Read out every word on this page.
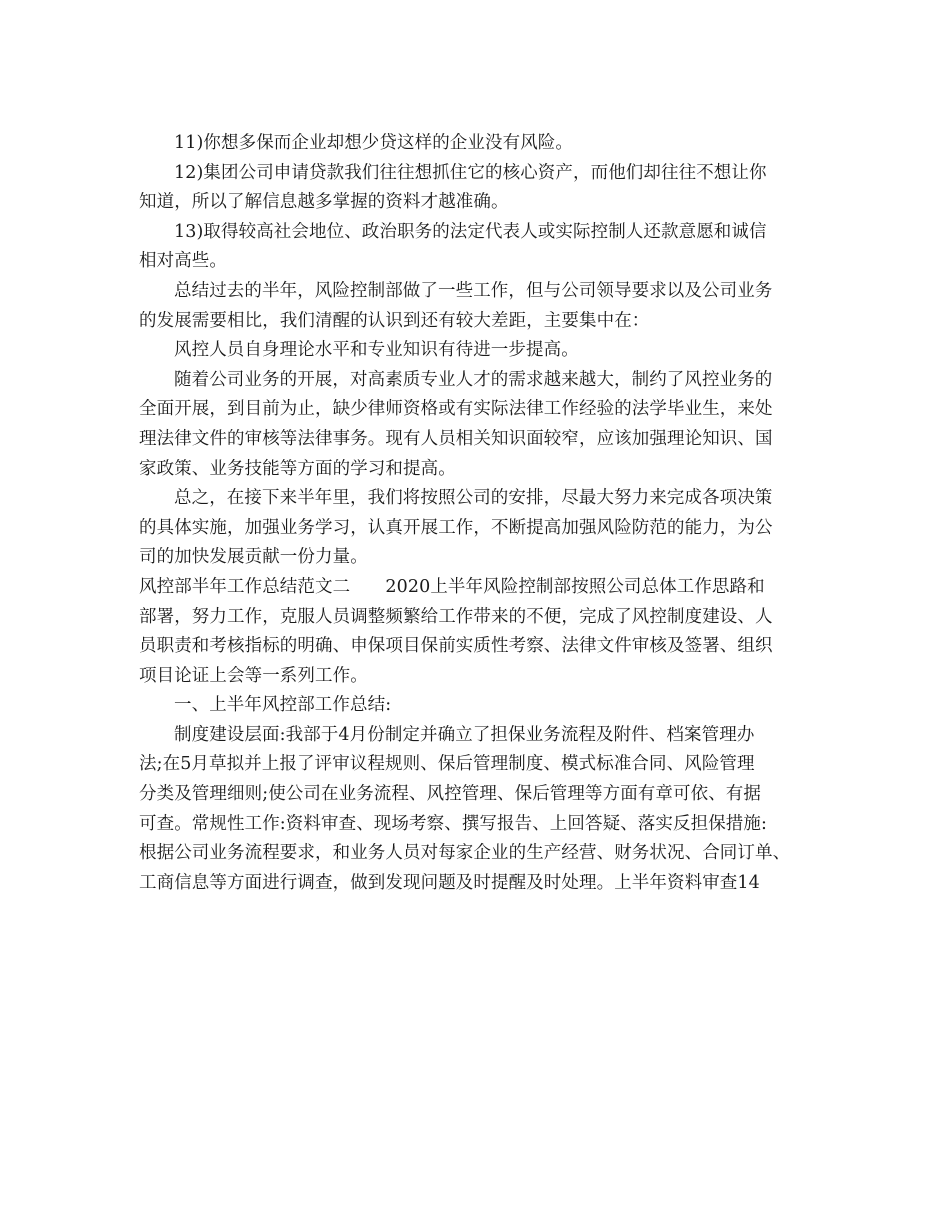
11)你想多保而企业却想少贷这样的企业没有风险。
12)集团公司申请贷款我们往往想抓住它的核心资产，而他们却往往不想让你
知道，所以了解信息越多掌握的资料才越准确。
13)取得较高社会地位、政治职务的法定代表人或实际控制人还款意愿和诚信
相对高些。
总结过去的半年，风险控制部做了一些工作，但与公司领导要求以及公司业务
的发展需要相比，我们清醒的认识到还有较大差距，主要集中在：
风控人员自身理论水平和专业知识有待进一步提高。
随着公司业务的开展，对高素质专业人才的需求越来越大，制约了风控业务的
全面开展，到目前为止，缺少律师资格或有实际法律工作经验的法学毕业生，来处
理法律文件的审核等法律事务。现有人员相关知识面较窄，应该加强理论知识、国
家政策、业务技能等方面的学习和提高。
总之，在接下来半年里，我们将按照公司的安排，尽最大努力来完成各项决策
的具体实施，加强业务学习，认真开展工作，不断提高加强风险防范的能力，为公
司的加快发展贡献一份力量。
风控部半年工作总结范文二　　2020上半年风险控制部按照公司总体工作思路和
部署，努力工作，克服人员调整频繁给工作带来的不便，完成了风控制度建设、人
员职责和考核指标的明确、申保项目保前实质性考察、法律文件审核及签署、组织
项目论证上会等一系列工作。
一、上半年风控部工作总结:
制度建设层面:我部于4月份制定并确立了担保业务流程及附件、档案管理办
法;在5月草拟并上报了评审议程规则、保后管理制度、模式标准合同、风险管理
分类及管理细则;使公司在业务流程、风控管理、保后管理等方面有章可依、有据
可查。常规性工作:资料审查、现场考察、撰写报告、上回答疑、落实反担保措施:
根据公司业务流程要求，和业务人员对每家企业的生产经营、财务状况、合同订单、
工商信息等方面进行调查，做到发现问题及时提醒及时处理。上半年资料审查14
